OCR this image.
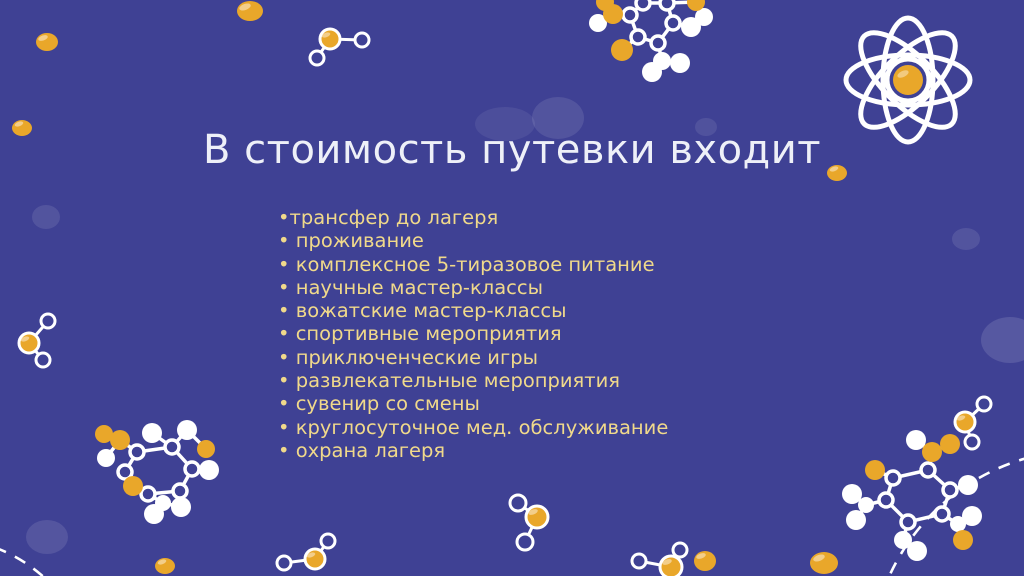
В стоимость путевки входит
•трансфер до лагеря
• проживание
• комплексное 5-тиразовое питание
• научные мастер-классы
• вожатские мастер-классы
• спортивные мероприятия
• приключенческие игры
• развлекательные мероприятия
• сувенир со смены
• круглосуточное мед. обслуживание
• охрана лагеря
